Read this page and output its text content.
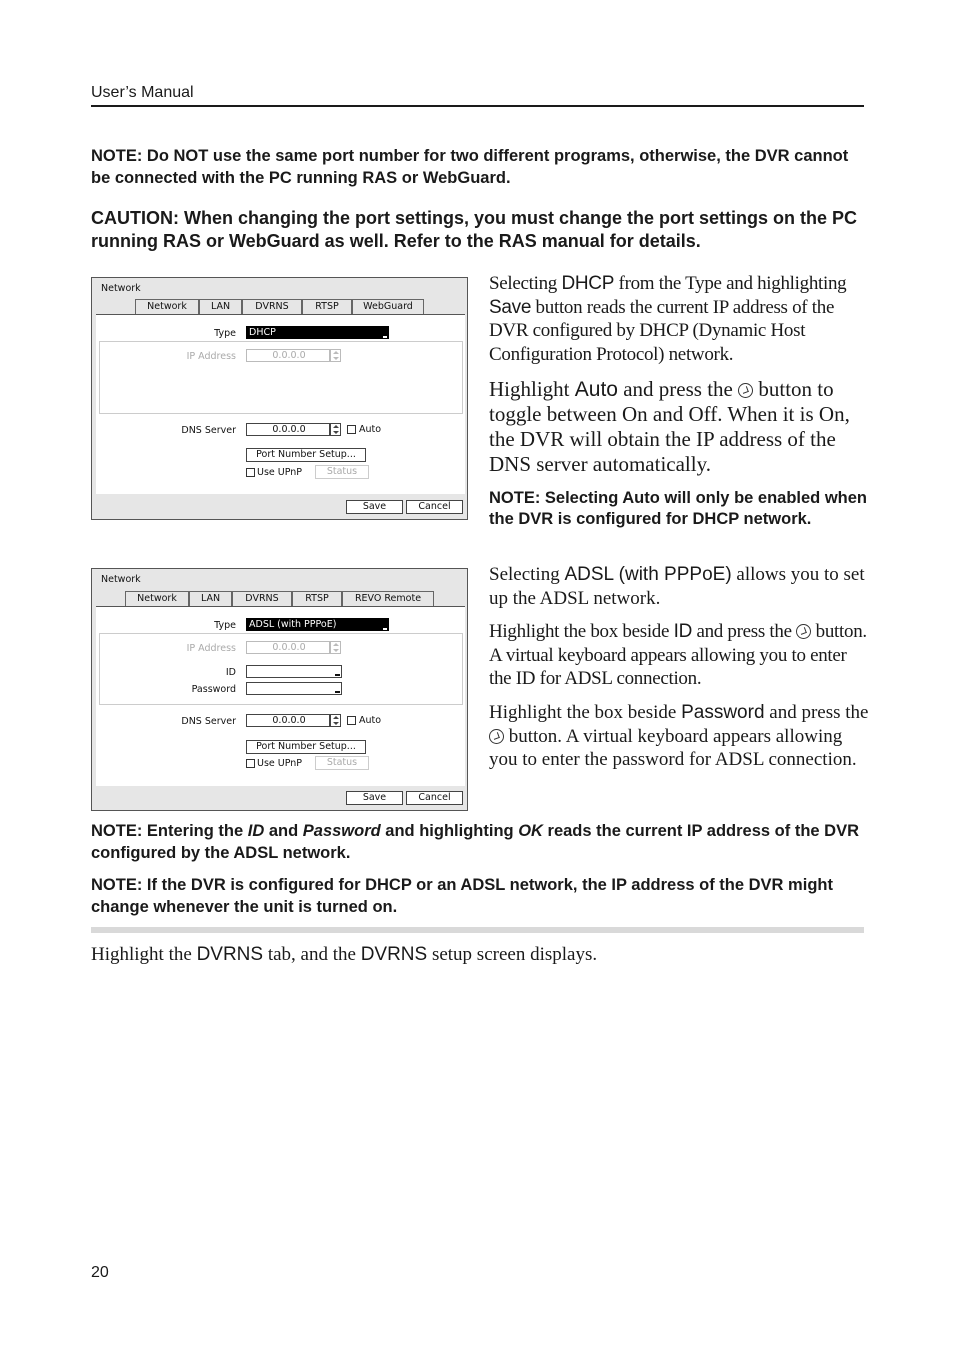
User’s Manual
NOTE: Do NOT use the same port number for two different programs, otherwise, the DVR cannot be connected with the PC running RAS or WebGuard.
CAUTION: When changing the port settings, you must change the port settings on the PC running RAS or WebGuard as well. Refer to the RAS manual for details.
Network
Network	LAN	DVRNS	RTSP	WebGuard
Type	DHCP
IP Address	0.0.0.0
DNS Server	0.0.0.0	Auto
Port Number Setup...
Use UPnP	Status
Save	Cancel
Selecting DHCP from the Type and highlighting Save button reads the current IP address of the DVR configured by DHCP (Dynamic Host Configuration Protocol) network.
Highlight Auto and press the  button to toggle between On and Off. When it is On, the DVR will obtain the IP address of the DNS server automatically.
NOTE: Selecting Auto will only be enabled when the DVR is configured for DHCP network.
Network
Network	LAN	DVRNS	RTSP	REVO Remote
Type	ADSL (with PPPoE)
IP Address	0.0.0.0
ID
Password
DNS Server	0.0.0.0	Auto
Port Number Setup...
Use UPnP	Status
Save	Cancel
Selecting ADSL (with PPPoE) allows you to set up the ADSL network.
Highlight the box beside ID and press the  button. A virtual keyboard appears allowing you to enter the ID for ADSL connection.
Highlight the box beside Password and press the  button. A virtual keyboard appears allowing you to enter the password for ADSL connection.
NOTE: Entering the ID and Password and highlighting OK reads the current IP address of the DVR configured by the ADSL network.
NOTE: If the DVR is configured for DHCP or an ADSL network, the IP address of the DVR might change whenever the unit is turned on.
Highlight the DVRNS tab, and the DVRNS setup screen displays.
20
